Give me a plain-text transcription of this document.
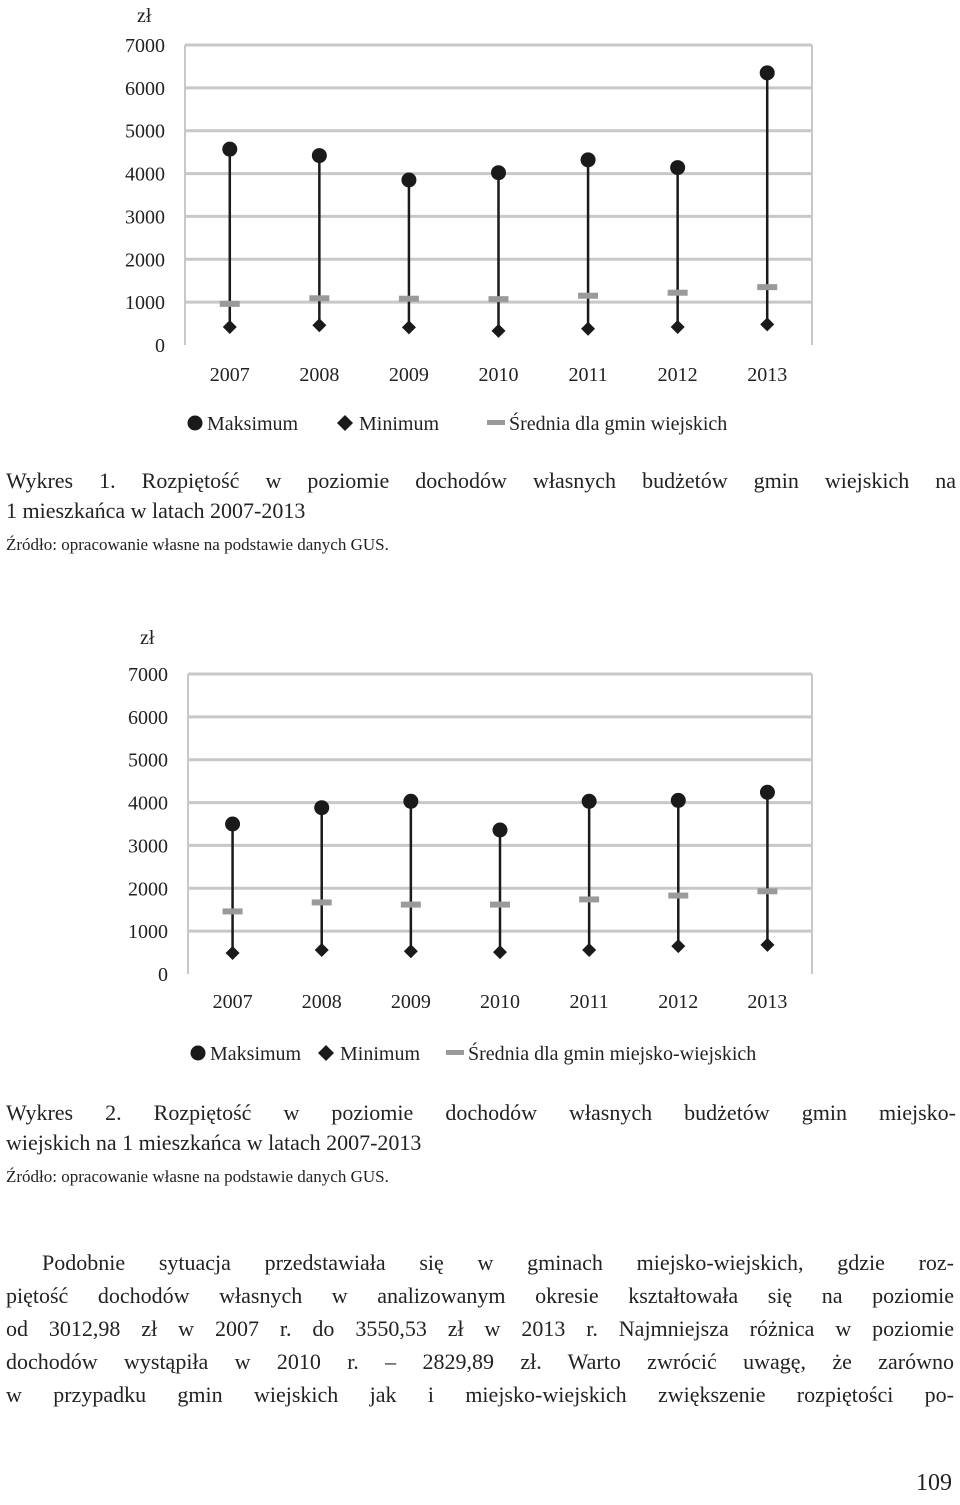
zł
0
1000
2000
3000
4000
5000
6000
7000
2007 2008 2009 2010 2011 2012 2013
Maksimum	Minimum	Średnia dla gmin wiejskich
Wykres 1. Rozpiętość w poziomie dochodów własnych budżetów gmin wiejskich na
1 mieszkańca w latach 2007-2013
Źródło: opracowanie własne na podstawie danych GUS.
zł
0
1000
2000
3000
4000
5000
6000
7000
2007 2008 2009 2010 2011 2012 2013
Maksimum Minimum Średnia dla gmin miejsko-wiejskich
Wykres 2. Rozpiętość w poziomie dochodów własnych budżetów gmin miejsko-
wiejskich na 1 mieszkańca w latach 2007-2013
Źródło: opracowanie własne na podstawie danych GUS.
Podobnie sytuacja przedstawiała się w gminach miejsko-wiejskich, gdzie roz-
piętość dochodów własnych w analizowanym okresie kształtowała się na poziomie
od 3012,98 zł w 2007 r. do 3550,53 zł w 2013 r. Najmniejsza różnica w poziomie
dochodów wystąpiła w 2010 r. – 2829,89 zł. Warto zwrócić uwagę, że zarówno
w przypadku gmin wiejskich jak i miejsko-wiejskich zwiększenie rozpiętości po-
109
